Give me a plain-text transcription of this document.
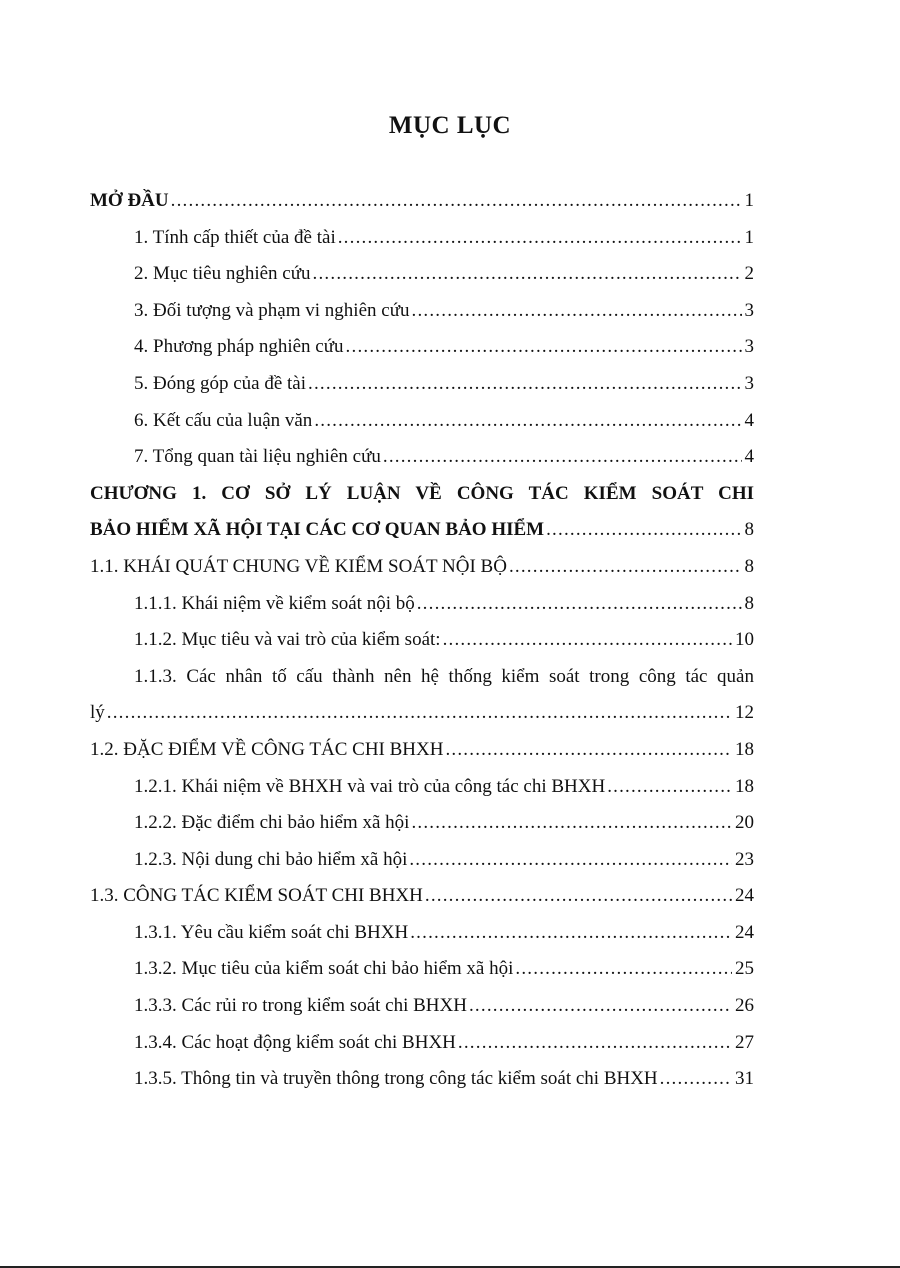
MỤC LỤC
MỞ ĐẦU .....	1
1. Tính cấp thiết của đề tài .....	1
2. Mục tiêu nghiên cứu .....	2
3. Đối tượng và phạm vi nghiên cứu .....	3
4. Phương pháp nghiên cứu .....	3
5. Đóng góp của đề tài .....	3
6. Kết cấu của luận văn .....	4
7. Tổng quan tài liệu nghiên cứu .....	4
CHƯƠNG 1. CƠ SỞ LÝ LUẬN VỀ CÔNG TÁC KIỂM SOÁT CHI
BẢO HIỂM XÃ HỘI TẠI CÁC CƠ QUAN BẢO HIỂM .....	8
1.1. KHÁI QUÁT CHUNG VỀ KIỂM SOÁT NỘI BỘ .....	8
1.1.1. Khái niệm về kiểm soát nội bộ .....	8
1.1.2. Mục tiêu và vai trò của kiểm soát: .....	10
1.1.3. Các nhân tố cấu thành nên hệ thống kiểm soát trong công tác quản
lý .....	12
1.2. ĐẶC ĐIỂM VỀ CÔNG TÁC CHI BHXH .....	18
1.2.1. Khái niệm về BHXH và vai trò của công tác chi BHXH .....	18
1.2.2. Đặc điểm chi bảo hiểm xã hội .....	20
1.2.3. Nội dung chi bảo hiểm xã hội .....	23
1.3. CÔNG TÁC KIỂM SOÁT CHI BHXH .....	24
1.3.1. Yêu cầu kiểm soát chi BHXH .....	24
1.3.2. Mục tiêu của kiểm soát chi bảo hiểm xã hội .....	25
1.3.3. Các rủi ro trong kiểm soát chi BHXH .....	26
1.3.4. Các hoạt động kiểm soát chi BHXH .....	27
1.3.5. Thông tin và truyền thông trong công tác kiểm soát chi BHXH .....	31
